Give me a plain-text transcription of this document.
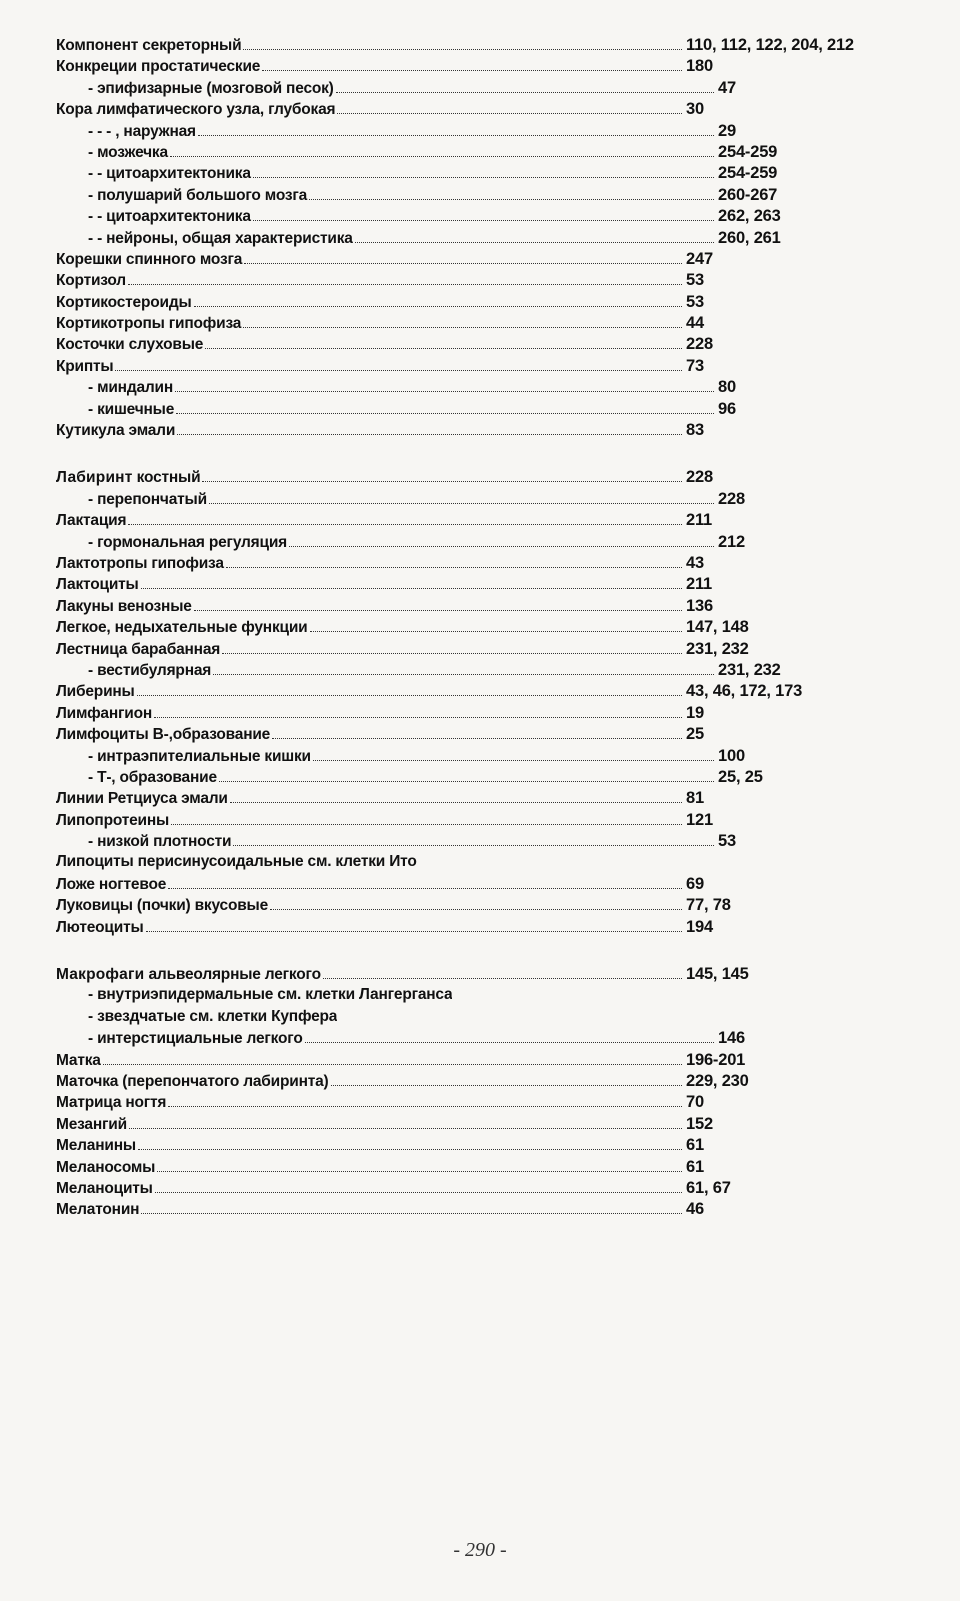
Компонент секреторный	110, 112, 122, 204, 212
Конкреции простатические	180
- эпифизарные (мозговой песок)	47
Кора лимфатического узла, глубокая	30
- - - , наружная	29
- мозжечка	254-259
- - цитоархитектоника	254-259
- полушарий большого мозга	260-267
- - цитоархитектоника	262, 263
- - нейроны, общая характеристика	260, 261
Корешки спинного мозга	247
Кортизол	53
Кортикостероиды	53
Кортикотропы гипофиза	44
Косточки слуховые	228
Крипты	73
- миндалин	80
- кишечные	96
Кутикула эмали	83
Лабиринт костный	228
- перепончатый	228
Лактация	211
- гормональная регуляция	212
Лактотропы гипофиза	43
Лактоциты	211
Лакуны венозные	136
Легкое, недыхательные функции	147, 148
Лестница барабанная	231, 232
- вестибулярная	231, 232
Либерины	43, 46, 172, 173
Лимфангион	19
Лимфоциты В-,образование	25
- интраэпителиальные кишки	100
- Т-, образование	25, 25
Линии Ретциуса эмали	81
Липопротеины	121
- низкой плотности	53
Липоциты перисинусоидальные см. клетки Ито
Ложе ногтевое	69
Луковицы (почки) вкусовые	77, 78
Лютеоциты	194
Макрофаги альвеолярные легкого	145, 145
- внутриэпидермальные см. клетки Лангерганса
- звездчатые см. клетки Купфера
- интерстициальные легкого	146
Матка	196-201
Маточка (перепончатого лабиринта)	229, 230
Матрица ногтя	70
Мезангий	152
Меланины	61
Меланосомы	61
Меланоциты	61, 67
Мелатонин	46
- 290 -
